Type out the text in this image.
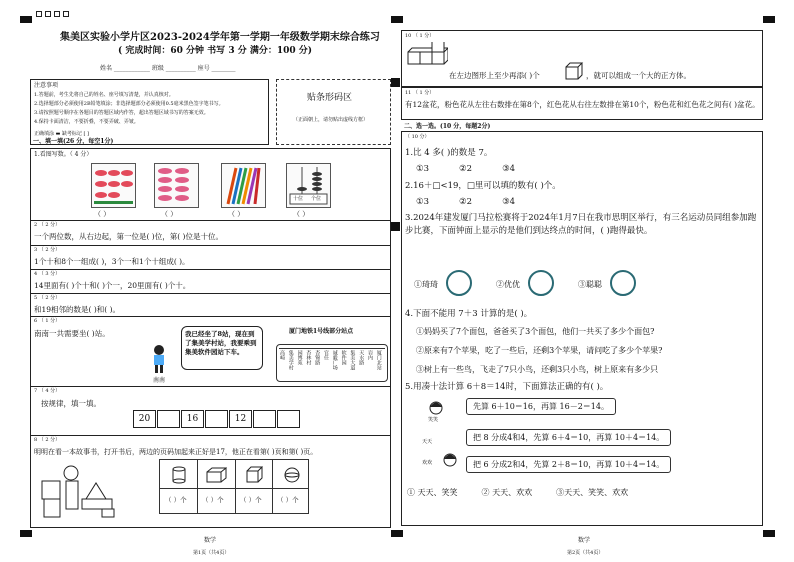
集美区实验小学片区2023-2024学年第一学期一年级数学期末综合练习
( 完成时间：60 分钟 书写 3 分 满分：100 分)
姓名 ____________ 班级 __________ 座号 ________
注意事项
1.答题前，考生先将自己的姓名、座号填写清楚，并认真核对。
2.选择题部分必须使用2B铅笔填涂；非选择题部分必须使用0.5毫米黑色签字笔书写。
3.请按照题号顺序在各题目的答题区域内作答，超出答题区域书写的答案无效。
4.保持卡面清洁，不要折叠，不要弄破、弄皱。
正确填涂 ▬ 缺考标记 [ ]
贴条形码区
（正面朝上，请勿贴出虚线方框）
一、填一填(26 分，每空1分)
1.看图写数。（ 4 分）
十位 个位
（ ）	（ ）	（ ）	（ ）
2 （ 2 分）
一个两位数，从右边起，第一位是( )位，第( )位是十位。
3 （ 2 分）
1个十和8个一组成( )，3个一和1个十组成( )。
4 （ 3 分）
14里面有( )个十和( )个一，20里面有( )个十。
5 （ 2 分）
和19相邻的数是( )和( )。
6 （ 1 分）
南南一共需要坐( )站。
南南
我已经坐了8站，现在到了集美学村站，我要乘到集美软件园站下车。
厦门地铁1号线部分站点
高崎 集美学村 园博苑 杏林村 杏锦路 官任 诚毅广场 软件园 集美大道 天水路 岩内 厦门北站
7 （ 4 分）
按规律，填一填。
20	16	12
8 （ 2 分）
明明在看一本故事书，打开书后，两边的页码加起来正好是17，他正在看第( )页和第( )页。
（ ）个 （ ）个	（ ）个 （ ）个
数学
第1页（共4页）
10 （ 1 分）
在左边图形上至少再添( )个	，就可以组成一个大的正方体。
11 （ 1 分）
有12盆花，粉色花从左往右数排在第8个，红色花从右往左数排在第10个，粉色花和红色花之间有( )盆花。
二、选一选。(10 分，每题2分)
（ 10 分）
1.比 4 多( )的数是 7。
①3	②2	③4
2.16＋□<19，□里可以填的数有( )个。
①3	②2	③4
3.2024年建发厦门马拉松赛将于2024年1月7日在我市思明区举行，有三名运动员同组参加跑步比赛，下面钟面上显示的是他们到达终点的时间，( )跑得最快。
①琦琦	②优优	③聪聪
4.下面不能用 7＋3 计算的是( )。
①妈妈买了7个面包，爸爸买了3个面包，他们一共买了多少个面包?
②原来有7个苹果，吃了一些后，还剩3个苹果，请问吃了多少个苹果?
③树上有一些鸟，飞走了7只小鸟，还剩3只小鸟，树上原来有多少只
5.用凑十法计算 6＋8＝14时，下面算法正确的有( )。
笑笑
先算 6＋10＝16，再算 16－2＝14。
天天	把 8 分成4和4，先算 6＋4＝10，再算 10＋4＝14。
欢欢	把 6 分成2和4，先算 2＋8＝10，再算 10＋4＝14。
① 天天、笑笑	② 天天、欢欢	③天天、笑笑、欢欢
数学
第2页（共4页）
